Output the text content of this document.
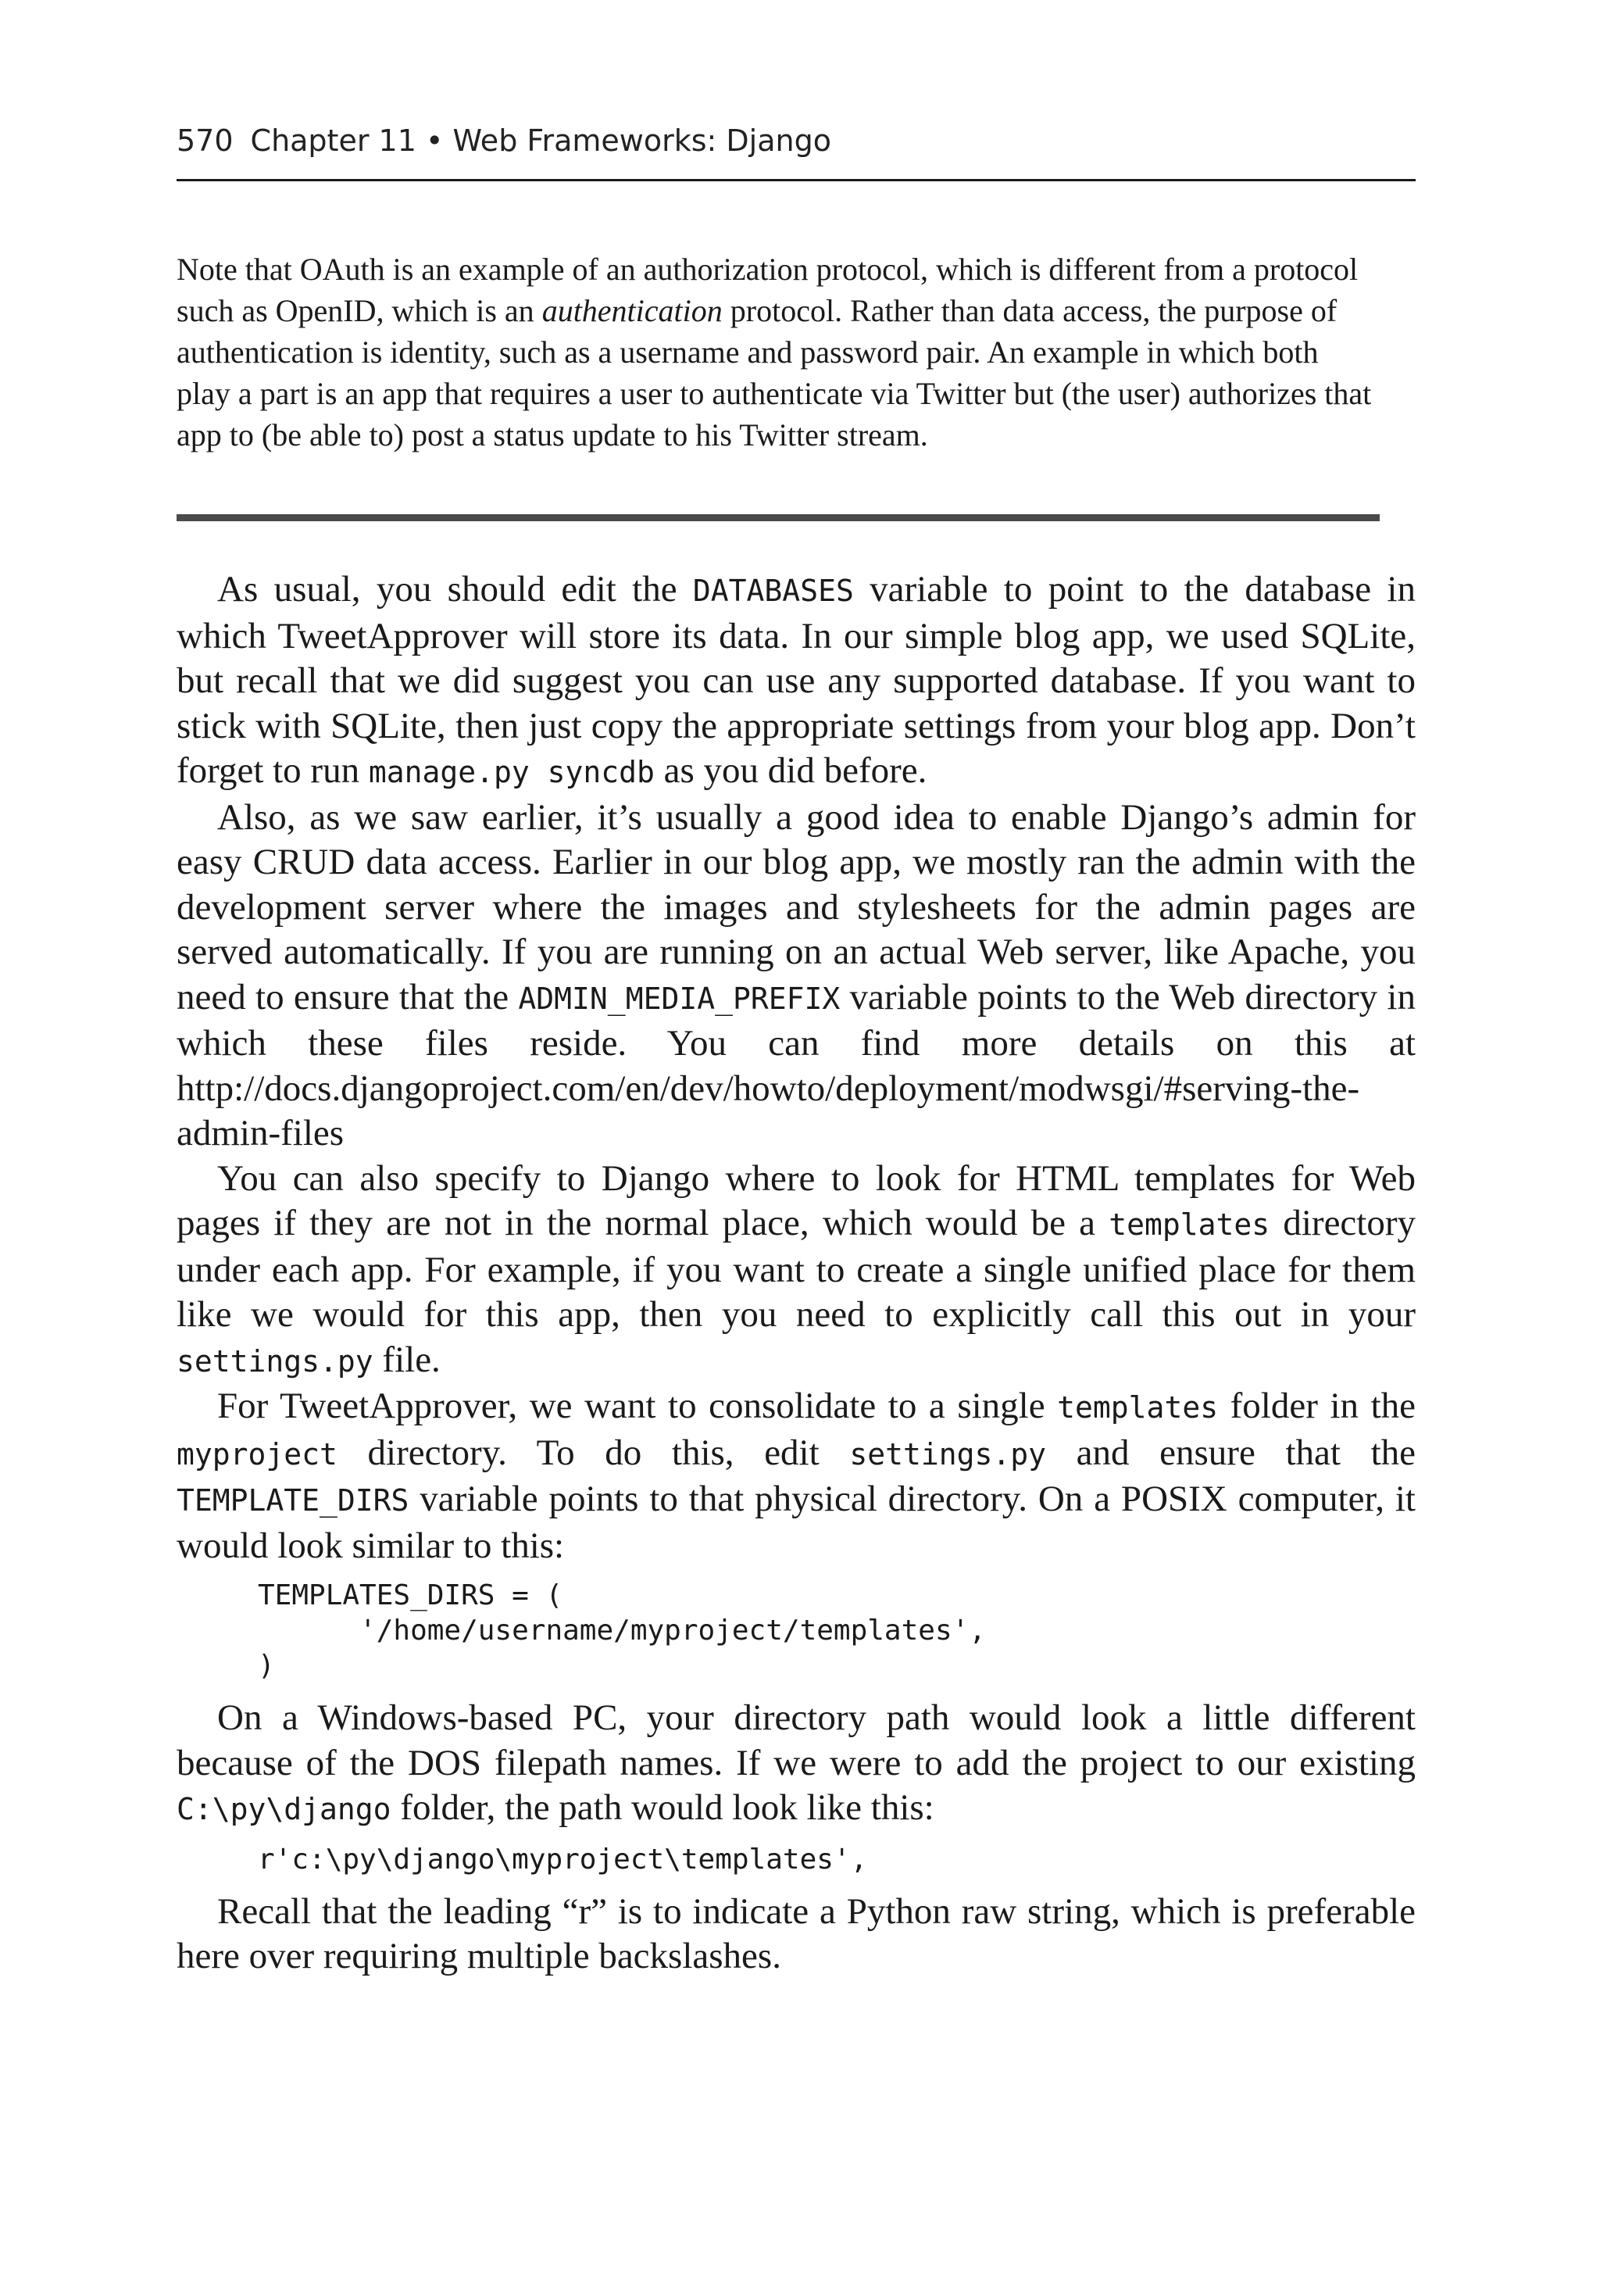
570 Chapter 11 • Web Frameworks: Django

Note that OAuth is an example of an authorization protocol, which is different from a protocol such as OpenID, which is an authentication protocol. Rather than data access, the purpose of authentication is identity, such as a username and password pair. An example in which both play a part is an app that requires a user to authenticate via Twitter but (the user) authorizes that app to (be able to) post a status update to his Twitter stream.

As usual, you should edit the DATABASES variable to point to the database in which TweetApprover will store its data. In our simple blog app, we used SQLite, but recall that we did suggest you can use any supported database. If you want to stick with SQLite, then just copy the appropriate settings from your blog app. Don’t forget to run manage.py syncdb as you did before.

Also, as we saw earlier, it’s usually a good idea to enable Django’s admin for easy CRUD data access. Earlier in our blog app, we mostly ran the admin with the development server where the images and stylesheets for the admin pages are served automatically. If you are running on an actual Web server, like Apache, you need to ensure that the ADMIN_MEDIA_PREFIX variable points to the Web directory in which these files reside. You can find more details on this at http://docs.djangoproject.com/en/dev/howto/deployment/modwsgi/#serving-the-admin-files

You can also specify to Django where to look for HTML templates for Web pages if they are not in the normal place, which would be a templates directory under each app. For example, if you want to create a single unified place for them like we would for this app, then you need to explicitly call this out in your settings.py file.

For TweetApprover, we want to consolidate to a single templates folder in the myproject directory. To do this, edit settings.py and ensure that the TEMPLATE_DIRS variable points to that physical directory. On a POSIX computer, it would look similar to this:

TEMPLATES_DIRS = (
'/home/username/myproject/templates',
)

On a Windows-based PC, your directory path would look a little different because of the DOS filepath names. If we were to add the project to our existing C:\py\django folder, the path would look like this:

r'c:\py\django\myproject\templates',

Recall that the leading “r” is to indicate a Python raw string, which is preferable here over requiring multiple backslashes.
